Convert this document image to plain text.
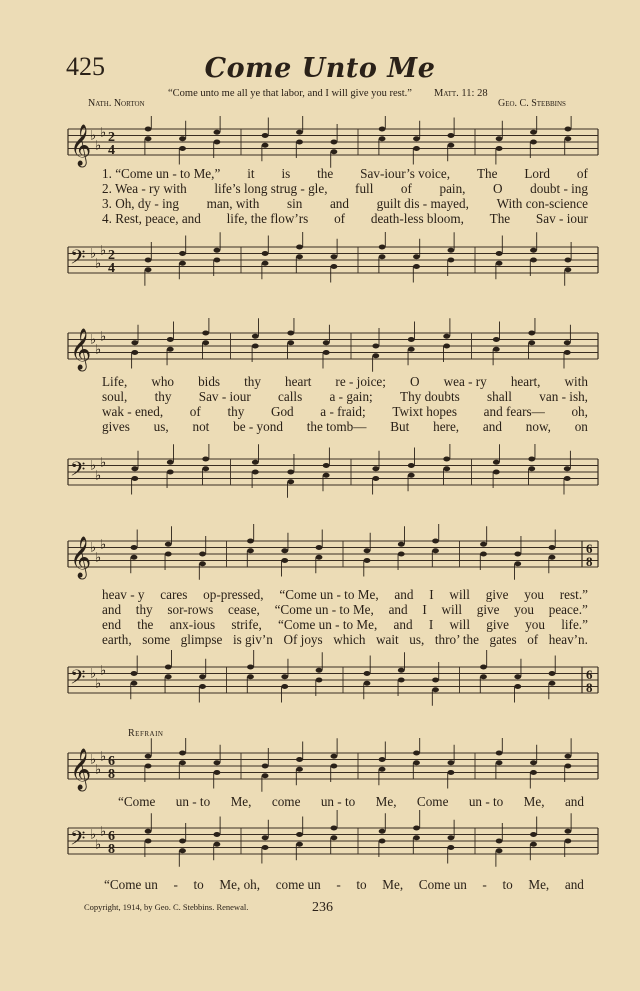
425	Come Unto Me
“Come unto me all ye that labor, and I will give you rest.” Matt. 11: 28
Nath. Norton	Geo. C. Stebbins
𝄞
♭
♭
♭ 2
4
1. “Come un - to Me,” it is the Sav-iour’s voice, The Lord of
2. Wea - ry with life’s long strug - gle, full of pain, O doubt - ing
3. Oh, dy - ing man, with sin and guilt dis - mayed, With con-science
4. Rest, peace, and life, the flow’rs of death-less bloom, The Sav - iour
𝄢 ♭
♭
♭ 2
4
𝄞
♭
♭
♭
Life, who bids thy heart re - joice; O wea - ry heart, with
soul, thy Sav - iour calls a - gain; Thy doubts shall van - ish,
wak - ened, of thy God a - fraid; Twixt hopes and fears— oh,
gives us, not be - yond the tomb— But here, and now, on
𝄢 ♭
♭
♭
𝄞
♭
♭
♭	6
8
heav - y cares op-pressed, “Come un - to Me, and I will give you rest.”
and thy sor-rows cease, “Come un - to Me, and I will give you peace.”
end the anx-ious strife, “Come un - to Me, and I will give you life.”
earth, some glimpse is giv’n Of joys which wait us, thro’ the gates of heav’n.
𝄢 ♭
♭
♭	6
8
Refrain
𝄞
♭
♭
♭ 6
8
“Come un - to Me, come un - to Me, Come un - to Me, and
𝄢 ♭
♭
♭ 6
8
“Come un - to Me, oh, come un - to Me, Come un - to Me, and
Copyright, 1914, by Geo. C. Stebbins. Renewal.	236
